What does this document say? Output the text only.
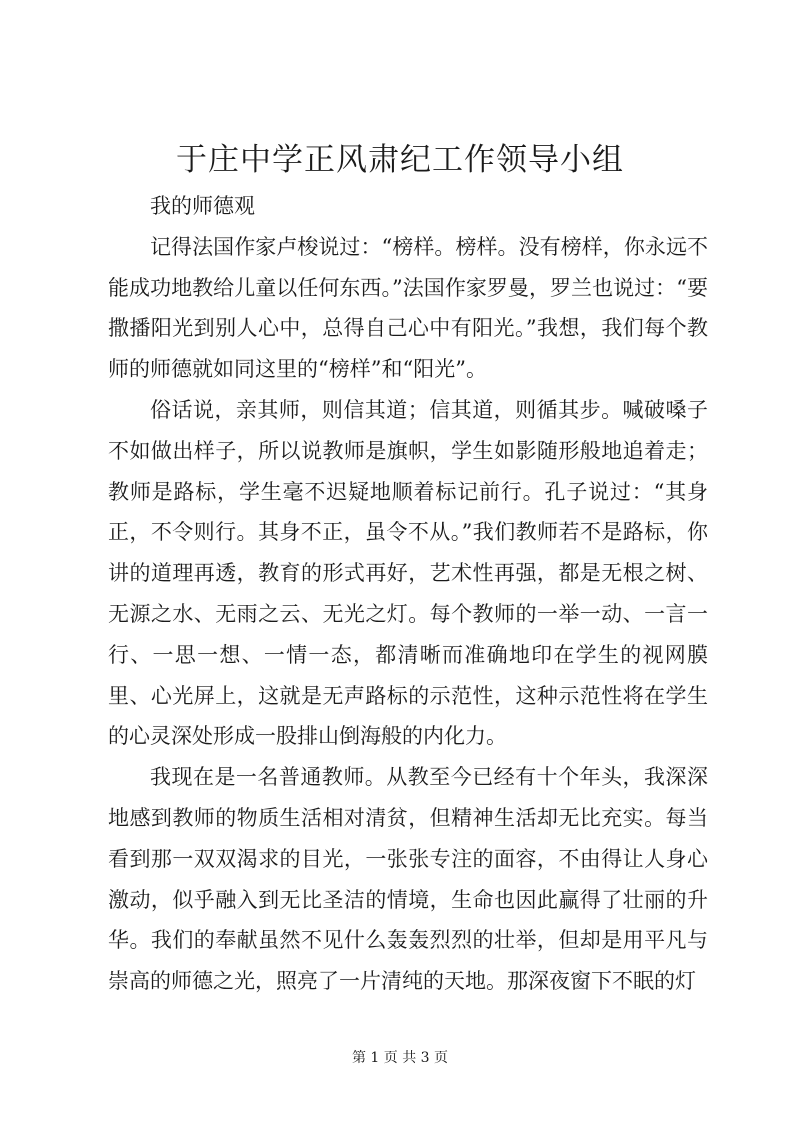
于庄中学正风肃纪工作领导小组

我的师德观

记得法国作家卢梭说过：“榜样。榜样。没有榜样，你永远不能成功地教给儿童以任何东西。”法国作家罗曼，罗兰也说过：“要撒播阳光到别人心中，总得自己心中有阳光。”我想，我们每个教师的师德就如同这里的“榜样”和“阳光”。

俗话说，亲其师，则信其道；信其道，则循其步。喊破嗓子不如做出样子，所以说教师是旗帜，学生如影随形般地追着走；教师是路标，学生毫不迟疑地顺着标记前行。孔子说过：“其身正，不令则行。其身不正，虽令不从。”我们教师若不是路标，你讲的道理再透，教育的形式再好，艺术性再强，都是无根之树、无源之水、无雨之云、无光之灯。每个教师的一举一动、一言一行、一思一想、一情一态，都清晰而准确地印在学生的视网膜里、心光屏上，这就是无声路标的示范性，这种示范性将在学生的心灵深处形成一股排山倒海般的内化力。

我现在是一名普通教师。从教至今已经有十个年头，我深深地感到教师的物质生活相对清贫，但精神生活却无比充实。每当看到那一双双渴求的目光，一张张专注的面容，不由得让人身心激动，似乎融入到无比圣洁的情境，生命也因此赢得了壮丽的升华。我们的奉献虽然不见什么轰轰烈烈的壮举，但却是用平凡与崇高的师德之光，照亮了一片清纯的天地。那深夜窗下不眠的灯

第 1 页 共 3 页
